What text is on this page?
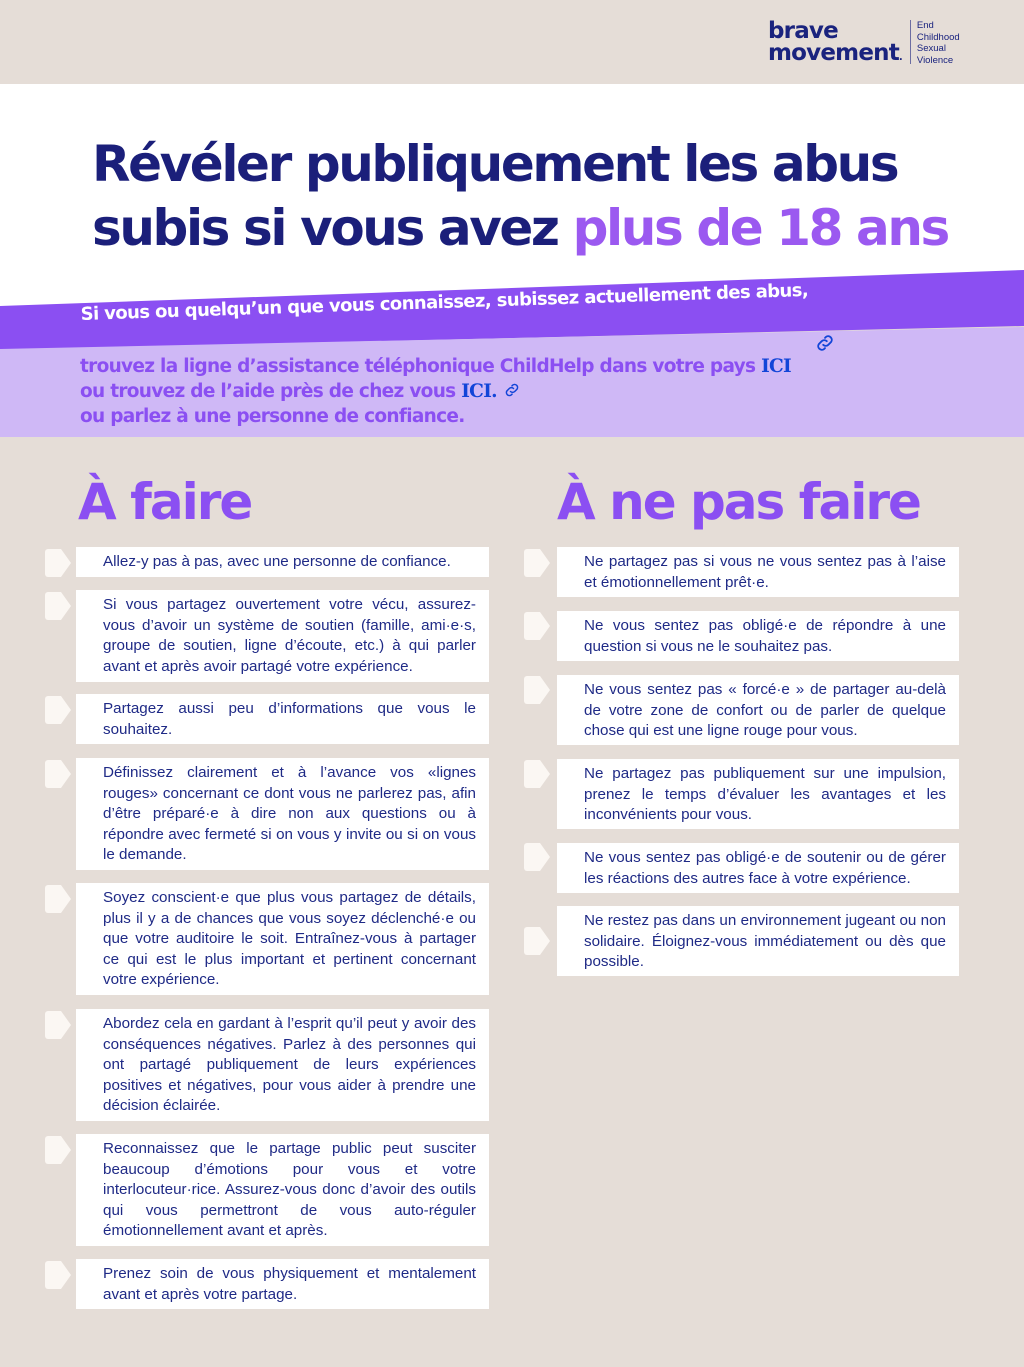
brave
movement.
End
Childhood
Sexual
Violence
Révéler publiquement les abus
subis si vous avez plus de 18 ans
Si vous ou quelqu’un que vous connaissez, subissez actuellement des abus,
trouvez la ligne d’assistance téléphonique ChildHelp dans votre pays ICI
ou trouvez de l’aide près de chez vous ICI.
ou parlez à une personne de confiance.
À faire	À ne pas faire
Allez-y pas à pas, avec une personne de confiance.
Si vous partagez ouvertement votre vécu, assurez-vous d’avoir un système de soutien (famille, ami·e·s, groupe de soutien, ligne d’écoute, etc.) à qui parler avant et après avoir partagé votre expérience.
Partagez aussi peu d’informations que vous le souhaitez.
Définissez clairement et à l’avance vos «lignes rouges» concernant ce dont vous ne parlerez pas, afin d’être préparé·e à dire non aux questions ou à répondre avec fermeté si on vous y invite ou si on vous le demande.
Soyez conscient·e que plus vous partagez de détails, plus il y a de chances que vous soyez déclenché·e ou que votre auditoire le soit. Entraînez-vous à partager ce qui est le plus important et pertinent concernant votre expérience.
Abordez cela en gardant à l’esprit qu’il peut y avoir des conséquences négatives. Parlez à des personnes qui ont partagé publiquement de leurs expériences positives et négatives, pour vous aider à prendre une décision éclairée.
Reconnaissez que le partage public peut susciter beaucoup d’émotions pour vous et votre interlocuteur·rice. Assurez-vous donc d’avoir des outils qui vous permettront de vous auto-réguler émotionnellement avant et après.
Prenez soin de vous physiquement et mentalement avant et après votre partage.
Ne partagez pas si vous ne vous sentez pas à l’aise et émotionnellement prêt·e.
Ne vous sentez pas obligé·e de répondre à une question si vous ne le souhaitez pas.
Ne vous sentez pas « forcé·e » de partager au-delà de votre zone de confort ou de parler de quelque chose qui est une ligne rouge pour vous.
Ne partagez pas publiquement sur une impulsion, prenez le temps d’évaluer les avantages et les inconvénients pour vous.
Ne vous sentez pas obligé·e de soutenir ou de gérer les réactions des autres face à votre expérience.
Ne restez pas dans un environnement jugeant ou non solidaire. Éloignez-vous immédiatement ou dès que possible.
